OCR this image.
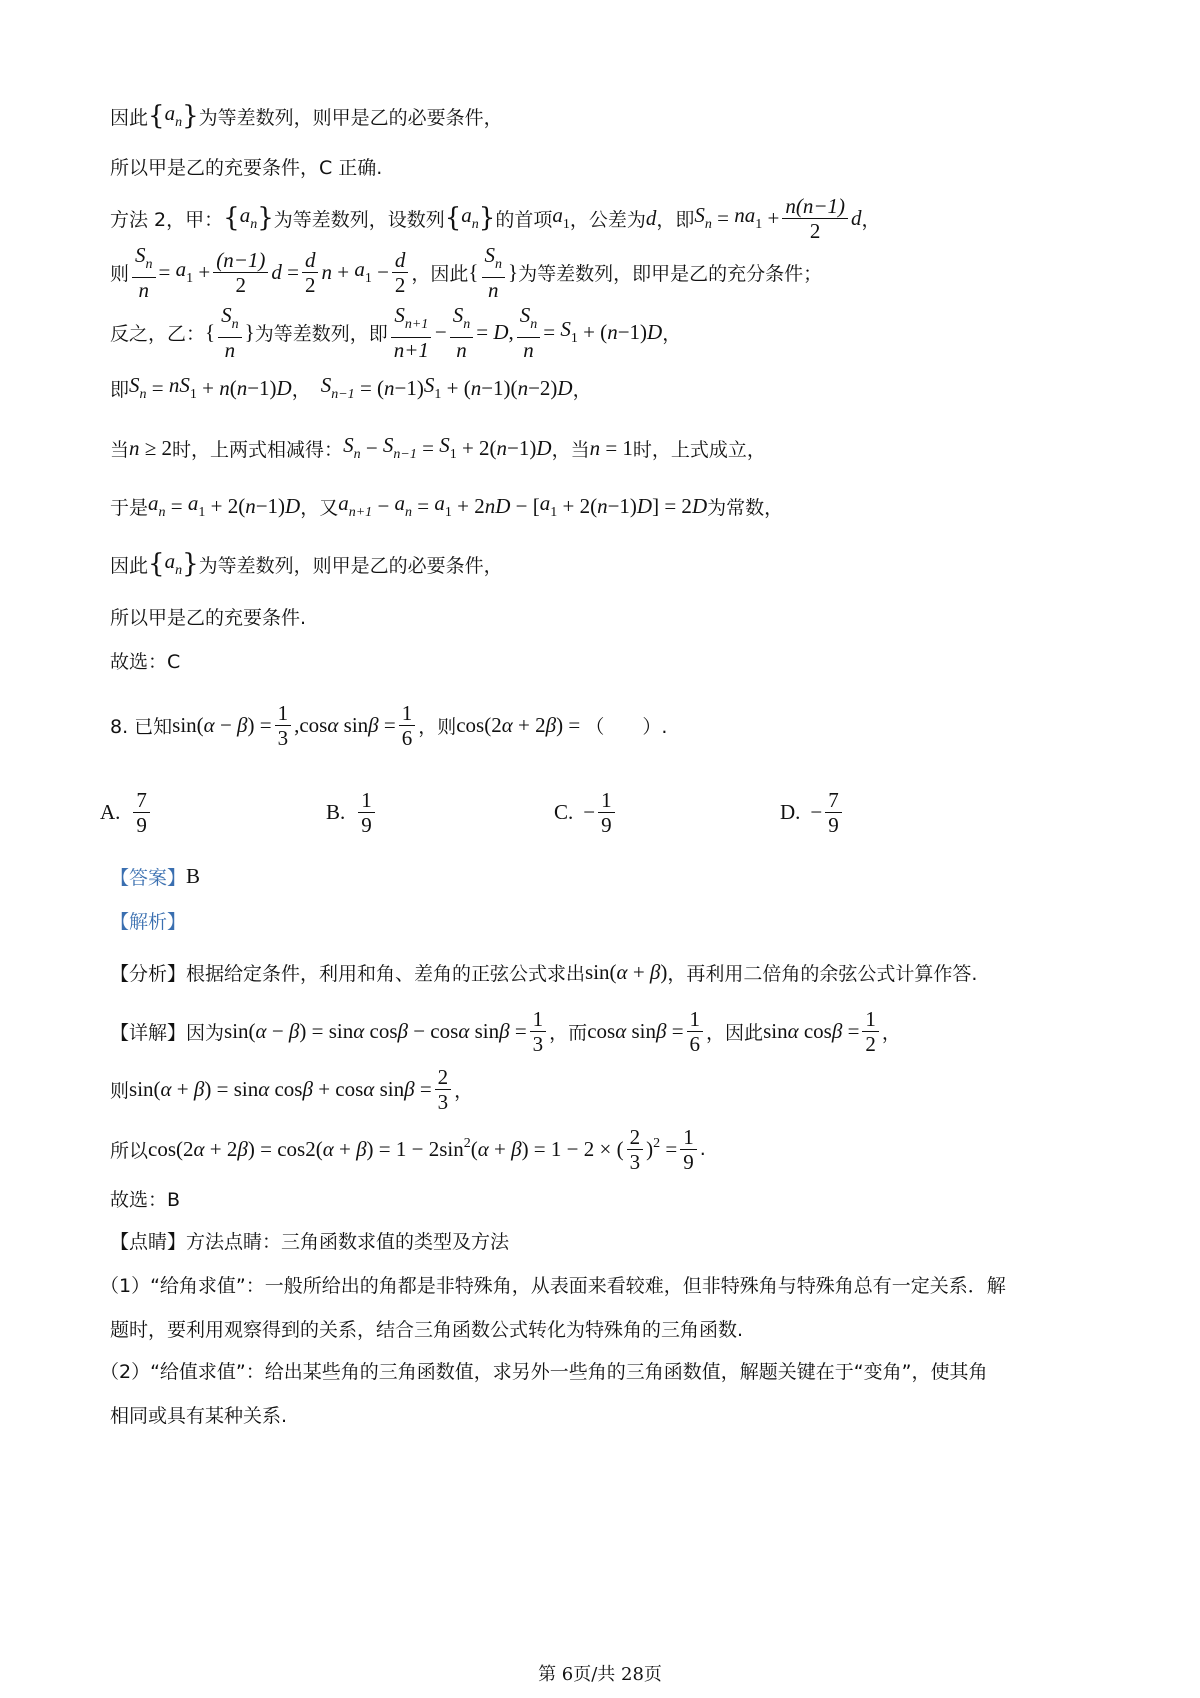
因此 { $a_n$ } 为等差数列，则甲是乙的必要条件，
所以甲是乙的充要条件，C 正确.
方法 2，甲： { $a_n$ } 为等差数列，设数列 { $a_n$ } 的首项 $a_1$ ，公差为 d ，即 $S_n = na_1 + \frac{n(n-1)}{2}$ d ，
则 $\frac{S_n}{n} = a_1 + \frac{(n-1)}{2}$ $d = \frac{d}{2}$ $n + a_1 - \frac{d}{2}$ ，因此 { $\frac{S_n}{n}$ } 为等差数列，即甲是乙的充分条件；
反之，乙： { $\frac{S_n}{n}$ } 为等差数列，即 $\frac{S_{n+1}}{n+1} - \frac{S_n}{n} = D$ , $\frac{S_n}{n} = S_1$ + ( n −1) D ，
即 $S_n = nS_1 + n$ ( n −1) D ， $S_{n-1}$ = ( n −1) $S_1$ + ( n −1)( n −2) D ，
当 n ≥ 2 时，上两式相减得： $S_n - S_{n-1} = S_1 + 2$( n −1) D ，当 n = 1 时，上式成立，
于是 $a_n = a_1 + 2$( n −1) D ，又 $a_{n+1} - a_n = a_1 + 2$ nD − [ $a_1 + 2$( n −1) D ] = 2 D 为常数，
因此 { $a_n$ } 为等差数列，则甲是乙的必要条件，
所以甲是乙的充要条件.
故选：C
8. 已知 sin( α − β ) = $\frac{1}{3} ,\cos$ α $\sin \beta = \frac{1}{6}$ ，则 cos(2 α + 2 β ) = （　　）.
A. $\frac{7}{9}$	B. $\frac{1}{9}$	C. − $\frac{1}{9}$	D. − $\frac{7}{9}$
【答案】 B
【解析】
【分析】 根据给定条件，利用和角、差角的正弦公式求出 sin( α + β ) ，再利用二倍角的余弦公式计算作答.
【详解】 因为 sin( α − β ) = sin α cos β − cos α $\sin \beta = \frac{1}{3}$ ，而 cos α $\sin \beta = \frac{1}{6}$ ，因此 sin α $\cos \beta = \frac{1}{2}$ ，
则 sin( α + β ) = sin α cos β + cos α $\sin \beta = \frac{2}{3}$ ，
所以 cos(2 α + 2 β ) = cos2( α + β ) = $1 - 2\sin^2$( α + β ) = 1 − 2 × ( $\frac{2}{3} )^2 = \frac{1}{9}$ .
故选：B
【点睛】 方法点睛：三角函数求值的类型及方法
（1）“给角求值”：一般所给出的角都是非特殊角，从表面来看较难，但非特殊角与特殊角总有一定关系．解
题时，要利用观察得到的关系，结合三角函数公式转化为特殊角的三角函数.
（2）“给值求值”：给出某些角的三角函数值，求另外一些角的三角函数值，解题关键在于“变角”，使其角
相同或具有某种关系.
第 6页/共 28页
